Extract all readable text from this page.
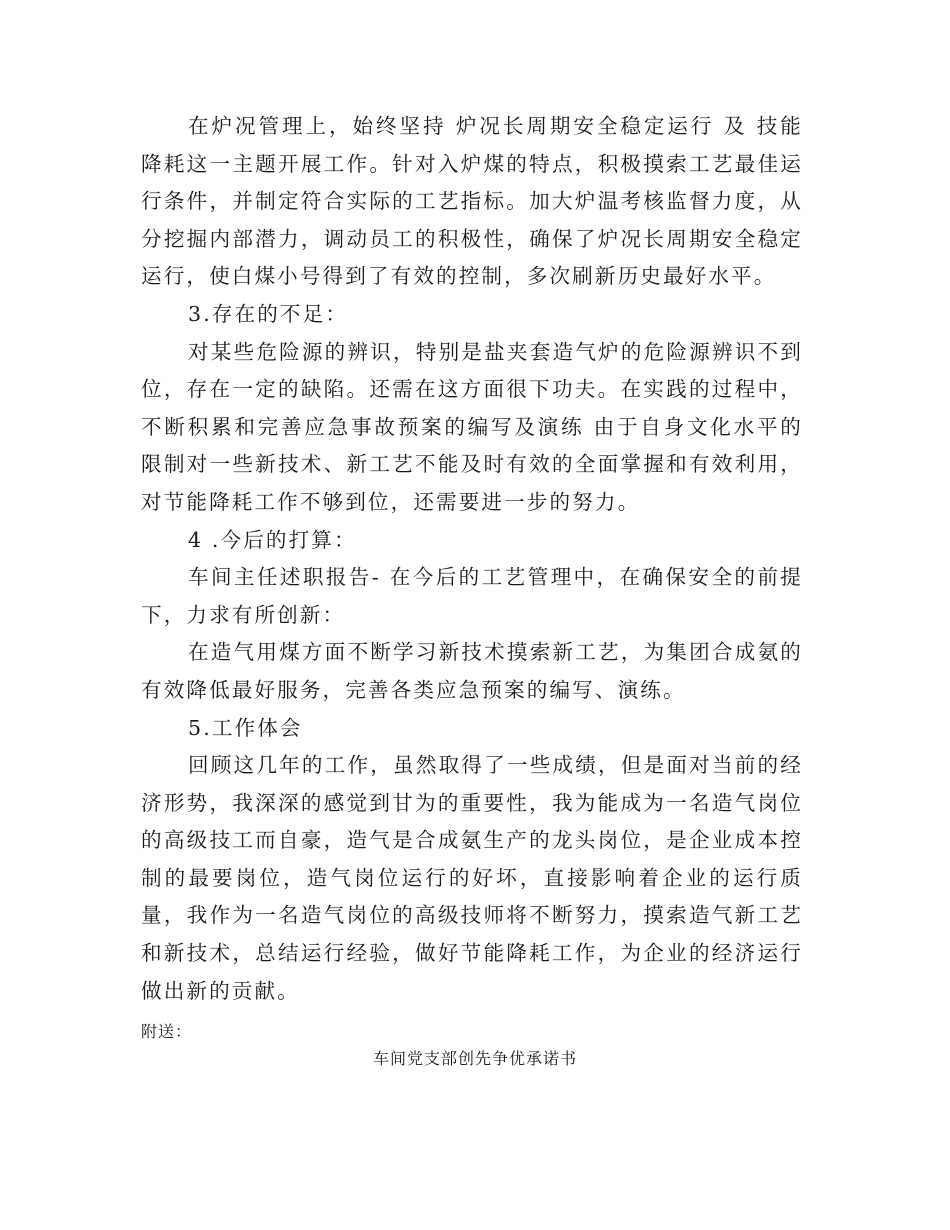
在炉况管理上，始终坚持 炉况长周期安全稳定运行 及 技能降耗这一主题开展工作。针对入炉煤的特点，积极摸索工艺最佳运行条件，并制定符合实际的工艺指标。加大炉温考核监督力度，从分挖掘内部潜力，调动员工的积极性，确保了炉况长周期安全稳定运行，使白煤小号得到了有效的控制，多次刷新历史最好水平。

3.存在的不足：

对某些危险源的辨识，特别是盐夹套造气炉的危险源辨识不到位，存在一定的缺陷。还需在这方面很下功夫。在实践的过程中，不断积累和完善应急事故预案的编写及演练 由于自身文化水平的限制对一些新技术、新工艺不能及时有效的全面掌握和有效利用，对节能降耗工作不够到位，还需要进一步的努力。

4 .今后的打算：

车间主任述职报告- 在今后的工艺管理中，在确保安全的前提下，力求有所创新：

在造气用煤方面不断学习新技术摸索新工艺，为集团合成氨的有效降低最好服务，完善各类应急预案的编写、演练。

5.工作体会

回顾这几年的工作，虽然取得了一些成绩，但是面对当前的经济形势，我深深的感觉到甘为的重要性，我为能成为一名造气岗位的高级技工而自豪，造气是合成氨生产的龙头岗位，是企业成本控制的最要岗位，造气岗位运行的好坏，直接影响着企业的运行质量，我作为一名造气岗位的高级技师将不断努力，摸索造气新工艺和新技术，总结运行经验，做好节能降耗工作，为企业的经济运行做出新的贡献。

附送：

车间党支部创先争优承诺书
